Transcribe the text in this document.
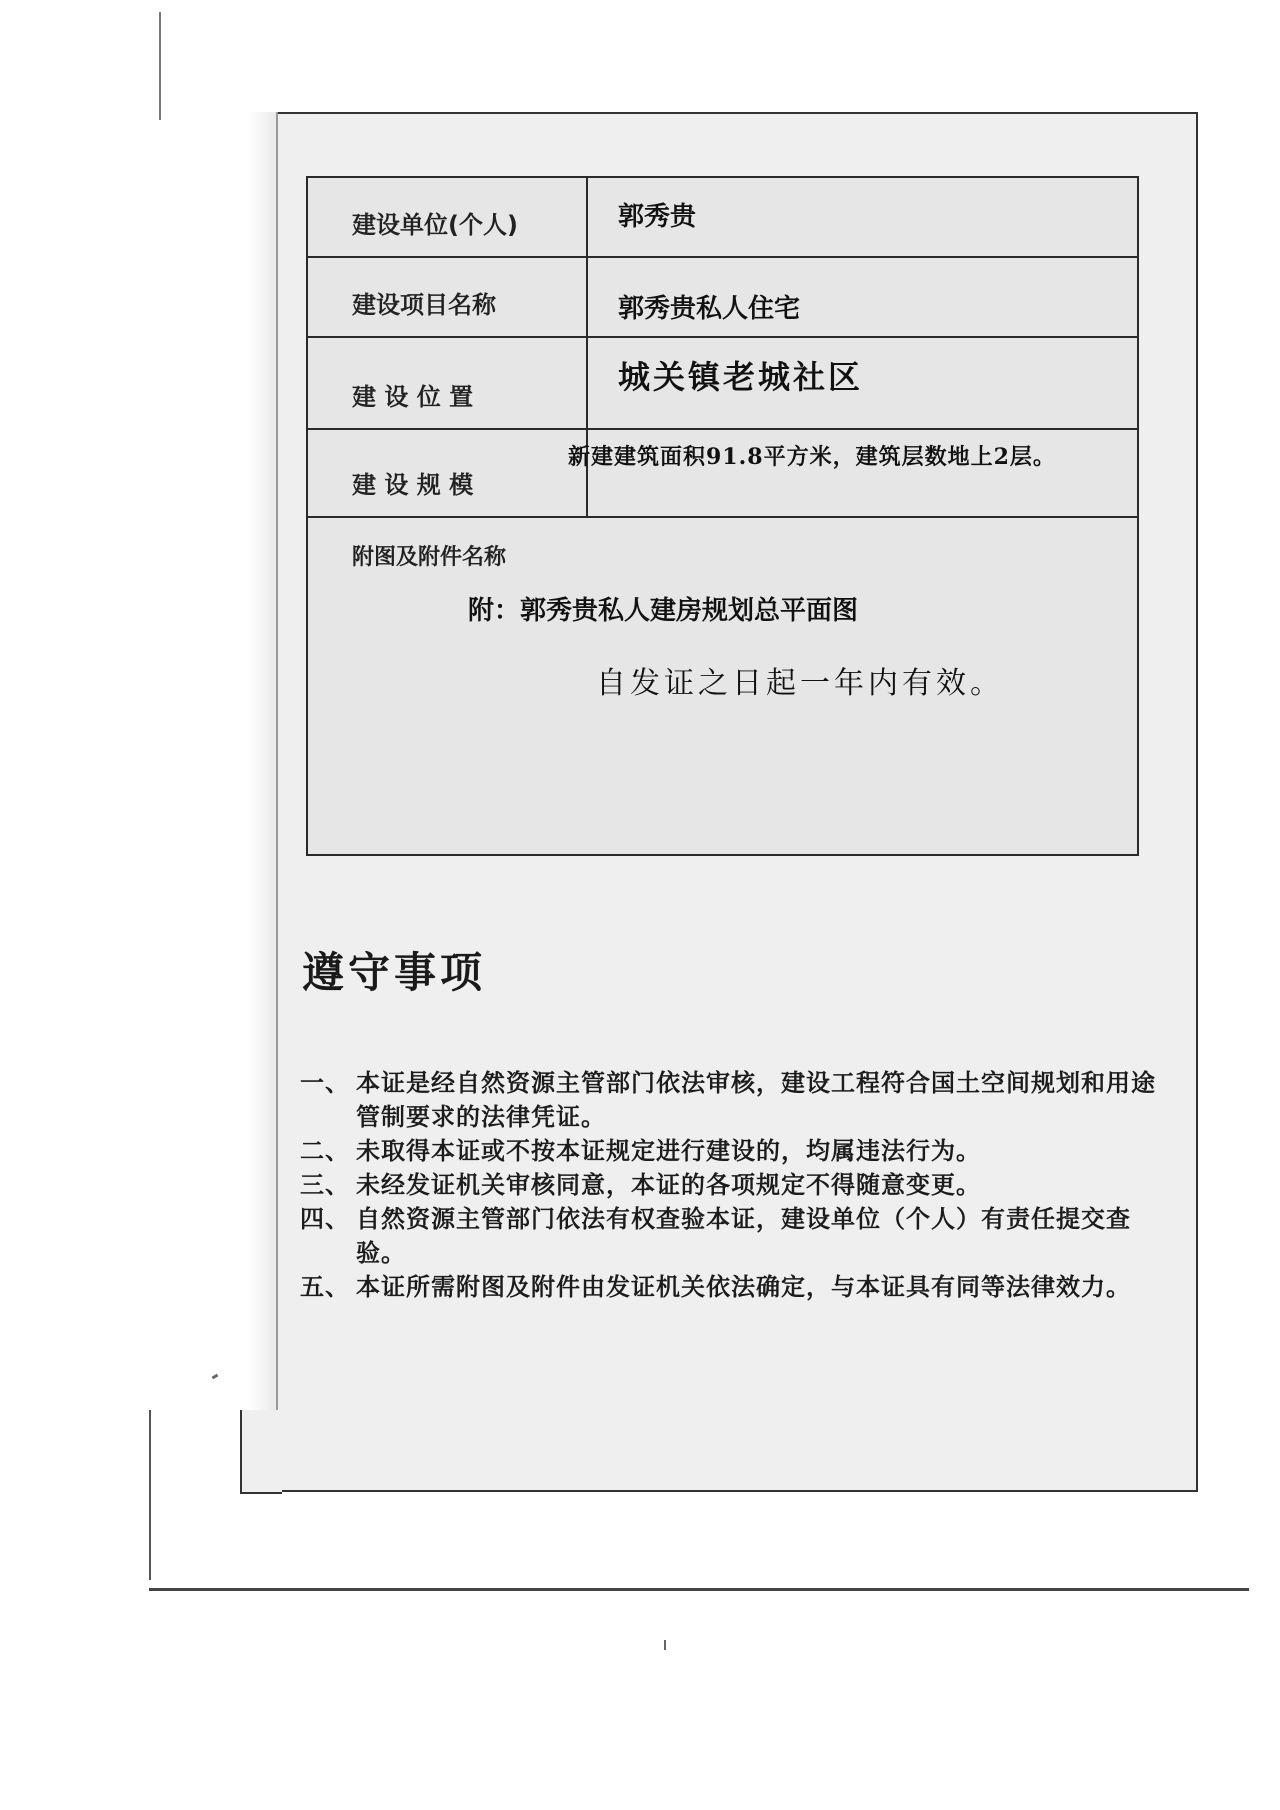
建设单位(个人)	郭秀贵
建设项目名称	郭秀贵私人住宅
建 设 位 置
城关镇老城社区
建 设 规 模
新建建筑面积91.8平方米，建筑层数地上2层。
附图及附件名称
附：郭秀贵私人建房规划总平面图
自发证之日起一年内有效。
遵守事项
一、 本证是经自然资源主管部门依法审核，建设工程符合国土空间规划和用途管制要求的法律凭证。
二、 未取得本证或不按本证规定进行建设的，均属违法行为。
三、 未经发证机关审核同意，本证的各项规定不得随意变更。
四、 自然资源主管部门依法有权查验本证，建设单位（个人）有责任提交查验。
五、 本证所需附图及附件由发证机关依法确定，与本证具有同等法律效力。
